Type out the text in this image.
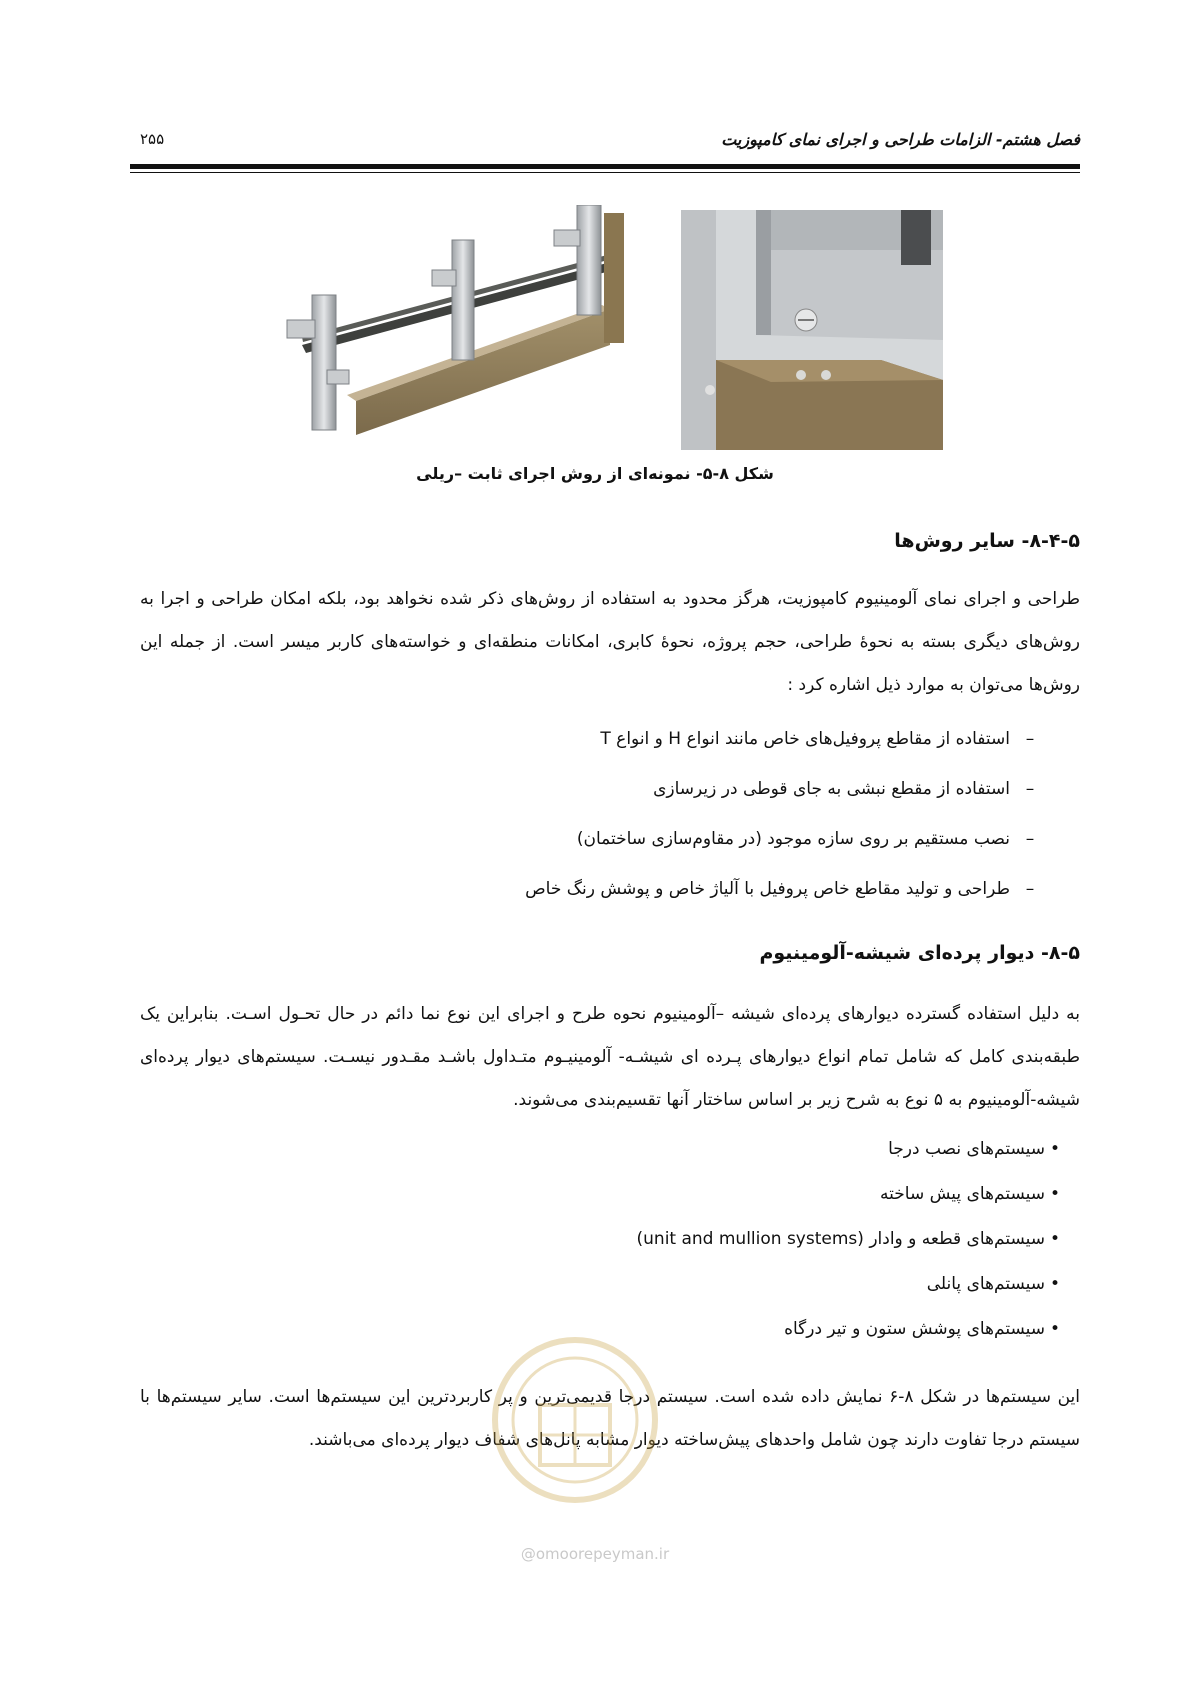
فصل هشتم- الزامات طراحی و اجرای نمای کامپوزیت
۲۵۵
شکل ۸-۵- نمونه‌ای از روش اجرای ثابت –ریلی
۸-۴-۵- سایر روش‌ها
طراحی و اجرای نمای آلومینیوم کامپوزیت، هرگز محدود به استفاده از روش‌های ذکر شده نخواهد بود، بلکه امکان طراحی و اجرا به روش‌های دیگری بسته به نحوهٔ طراحی، حجم پروژه، نحوهٔ کابری، امکانات منطقه‌ای و خواسته‌های کاربر میسر است. از جمله این روش‌ها می‌توان به موارد ذیل اشاره کرد :
–استفاده از مقاطع پروفیل‌های خاص مانند انواع H و انواع T
–استفاده از مقطع نبشی به جای قوطی در زیرسازی
–نصب مستقیم بر روی سازه موجود (در مقاوم‌سازی ساختمان)
–طراحی و تولید مقاطع خاص پروفیل با آلیاژ خاص و پوشش رنگ خاص
۸-۵- دیوار پرده‌ای شیشه-آلومینیوم
به دلیل استفاده گسترده دیوارهای پرده‌ای شیشه –آلومینیوم نحوه طرح و اجرای این نوع نما دائم در حال تحـول اسـت. بنابراین یک طبقه‌بندی کامل که شامل تمام انواع دیوارهای پـرده ای شیشـه- آلومینیـوم متـداول باشـد مقـدور نیسـت. سیستم‌های دیوار پرده‌ای شیشه-آلومینیوم به ۵ نوع به شرح زیر بر اساس ساختار آنها تقسیم‌بندی می‌شوند.
•سیستم‌های نصب درجا
•سیستم‌های پیش ساخته
•سیستم‌های قطعه و وادار (unit and mullion systems)
•سیستم‌های پانلی
•سیستم‌های پوشش ستون و تیر درگاه
این سیستم‌ها در شکل ۸-۶ نمایش داده شده است. سیستم درجا قدیمی‌ترین و پر کاربردترین این سیستم‌ها است. سایر سیستم‌ها با سیستم درجا تفاوت دارند چون شامل واحدهای پیش‌ساخته دیوار مشابه پانل‌های شفاف دیوار پرده‌ای می‌باشند.
@omoorepeyman.ir
